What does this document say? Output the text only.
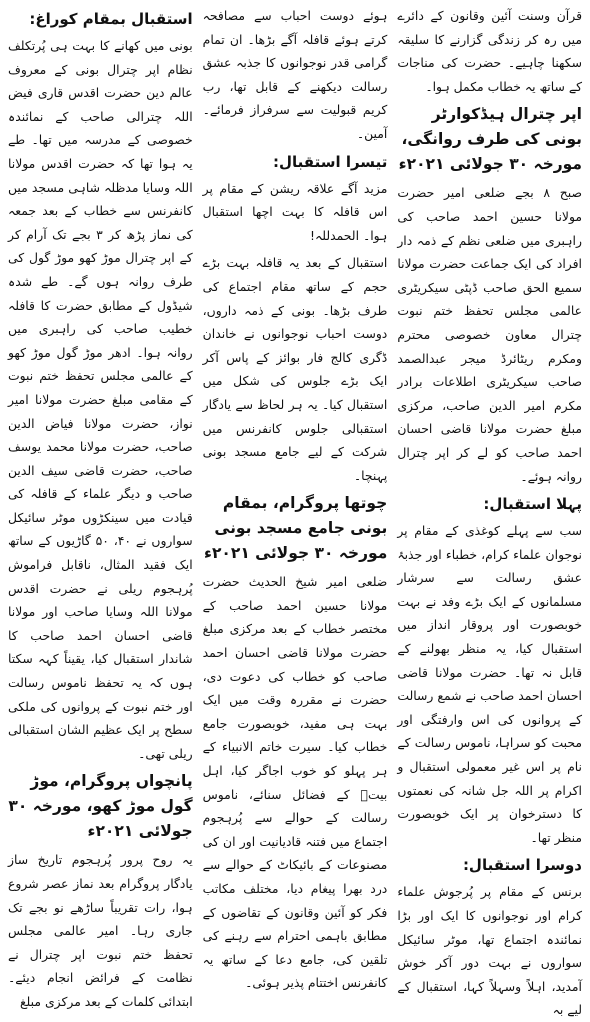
قرآن وسنت آئین وقانون کے دائرے میں رہ کر زندگی گزارنے کا سلیقہ سکھنا چاہیے۔ حضرت کی مناجات کے ساتھ یہ خطاب مکمل ہوا۔

اپر چترال ہیڈکوارٹر بونی کی طرف روانگی، مورخہ ۳۰ جولائی ۲۰۲۱ء

صبح ۸ بجے ضلعی امیر حضرت مولانا حسین احمد صاحب کی راہبری میں ضلعی نظم کے ذمہ دار افراد کی ایک جماعت حضرت مولانا سمیع الحق صاحب ڈپٹی سیکریٹری عالمی مجلس تحفظ ختم نبوت چترال معاون خصوصی محترم ومکرم ریٹائرڈ میجر عبدالصمد صاحب سیکریٹری اطلاعات برادر مکرم امیر الدین صاحب، مرکزی مبلغ حضرت مولانا قاضی احسان احمد صاحب کو لے کر اپر چترال روانہ ہوئے۔

پہلا استقبال:

سب سے پہلے کوغذی کے مقام پر نوجوان علماء کرام، خطباء اور جذبۂ عشق رسالت سے سرشار مسلمانوں کے ایک بڑے وفد نے بہت خوبصورت اور پروقار انداز میں استقبال کیا، یہ منظر بھولنے کے قابل نہ تھا۔ حضرت مولانا قاضی احسان احمد صاحب نے شمع رسالت کے پروانوں کی اس وارفتگی اور محبت کو سراہا، ناموس رسالت کے نام پر اس غیر معمولی استقبال و اکرام پر اللہ جل شانہ کی نعمتوں کا دسترخوان پر ایک خوبصورت منظر تھا۔

دوسرا استقبال:

برنس کے مقام پر پُرجوش علماء کرام اور نوجوانوں کا ایک اور بڑا نمائندہ اجتماع تھا، موٹر سائیکل سواروں نے بہت دور آکر خوش آمدید، اہلاً وسہلاً کہا، استقبال کے لیے بہ

ہوئے دوست احباب سے مصافحہ کرتے ہوئے قافلہ آگے بڑھا۔ ان تمام گرامی قدر نوجوانوں کا جذبہ عشق رسالت دیکھنے کے قابل تھا، رب کریم قبولیت سے سرفراز فرمائے۔ آمین۔

تیسرا استقبال:

مزید آگے علاقہ ریشن کے مقام پر اس قافلہ کا بہت اچھا استقبال ہوا۔ الحمدللہ!

استقبال کے بعد یہ قافلہ بہت بڑے حجم کے ساتھ مقام اجتماع کی طرف بڑھا۔ بونی کے ذمہ داروں، دوست احباب نوجوانوں نے خاندان ڈگری کالج فار بوائز کے پاس آکر ایک بڑے جلوس کی شکل میں استقبال کیا۔ یہ ہر لحاظ سے یادگار استقبالی جلوس کانفرنس میں شرکت کے لیے جامع مسجد بونی پہنچا۔

چوتھا پروگرام، بمقام بونی جامع مسجد بونی مورخہ ۳۰ جولائی ۲۰۲۱ء

ضلعی امیر شیخ الحدیث حضرت مولانا حسین احمد صاحب کے مختصر خطاب کے بعد مرکزی مبلغ حضرت مولانا قاضی احسان احمد صاحب کو خطاب کی دعوت دی، حضرت نے مقررہ وقت میں ایک بہت ہی مفید، خوبصورت جامع خطاب کیا۔ سیرت خاتم الانبیاء کے ہر پہلو کو خوب اجاگر کیا، اہل بیتؓ کے فضائل سنائے، ناموس رسالت کے حوالے سے پُرہجوم اجتماع میں فتنہ قادیانیت اور ان کی مصنوعات کے بائیکاٹ کے حوالے سے درد بھرا پیغام دیا، مختلف مکاتب فکر کو آئین وقانون کے تقاضوں کے مطابق باہمی احترام سے رہنے کی تلقین کی، جامع دعا کے ساتھ یہ کانفرنس اختتام پذیر ہوئی۔

استقبال بمقام کوراغ:

بونی میں کھانے کا بہت ہی پُرتکلف نظام اپر چترال بونی کے معروف عالم دین حضرت اقدس قاری فیض اللہ چترالی صاحب کے نمائندہ خصوصی کے مدرسہ میں تھا۔ طے یہ ہوا تھا کہ حضرت اقدس مولانا اللہ وسایا مدظلہ شاہی مسجد میں کانفرنس سے خطاب کے بعد جمعہ کی نماز پڑھ کر ۳ بجے تک آرام کر کے اپر چترال موڑ کھو موڑ گول کی طرف روانہ ہوں گے۔ طے شدہ شیڈول کے مطابق حضرت کا قافلہ خطیب صاحب کی راہبری میں روانہ ہوا۔ ادھر موڑ گول موڑ کھو کے عالمی مجلس تحفظ ختم نبوت کے مقامی مبلغ حضرت مولانا امیر نواز، حضرت مولانا فیاض الدین صاحب، حضرت مولانا محمد یوسف صاحب، حضرت قاضی سیف الدین صاحب و دیگر علماء کے قافلہ کی قیادت میں سینکڑوں موٹر سائیکل سواروں نے ۴۰، ۵۰ گاڑیوں کے ساتھ ایک فقید المثال، ناقابل فراموش پُرہجوم ریلی نے حضرت اقدس مولانا اللہ وسایا صاحب اور مولانا قاضی احسان احمد صاحب کا شاندار استقبال کیا، یقیناً کہہ سکتا ہوں کہ یہ تحفظ ناموس رسالت اور ختم نبوت کے پروانوں کی ملکی سطح پر ایک عظیم الشان استقبالی ریلی تھی۔

پانچواں پروگرام، موڑ گول موڑ کھو، مورخہ ۳۰ جولائی ۲۰۲۱ء

یہ روح پرور پُرہجوم تاریخ ساز یادگار پروگرام بعد نماز عصر شروع ہوا، رات تقریباً ساڑھے نو بجے تک جاری رہا۔ امیر عالمی مجلس تحفظ ختم نبوت اپر چترال نے نظامت کے فرائض انجام دیئے۔ ابتدائی کلمات کے بعد مرکزی مبلغ
